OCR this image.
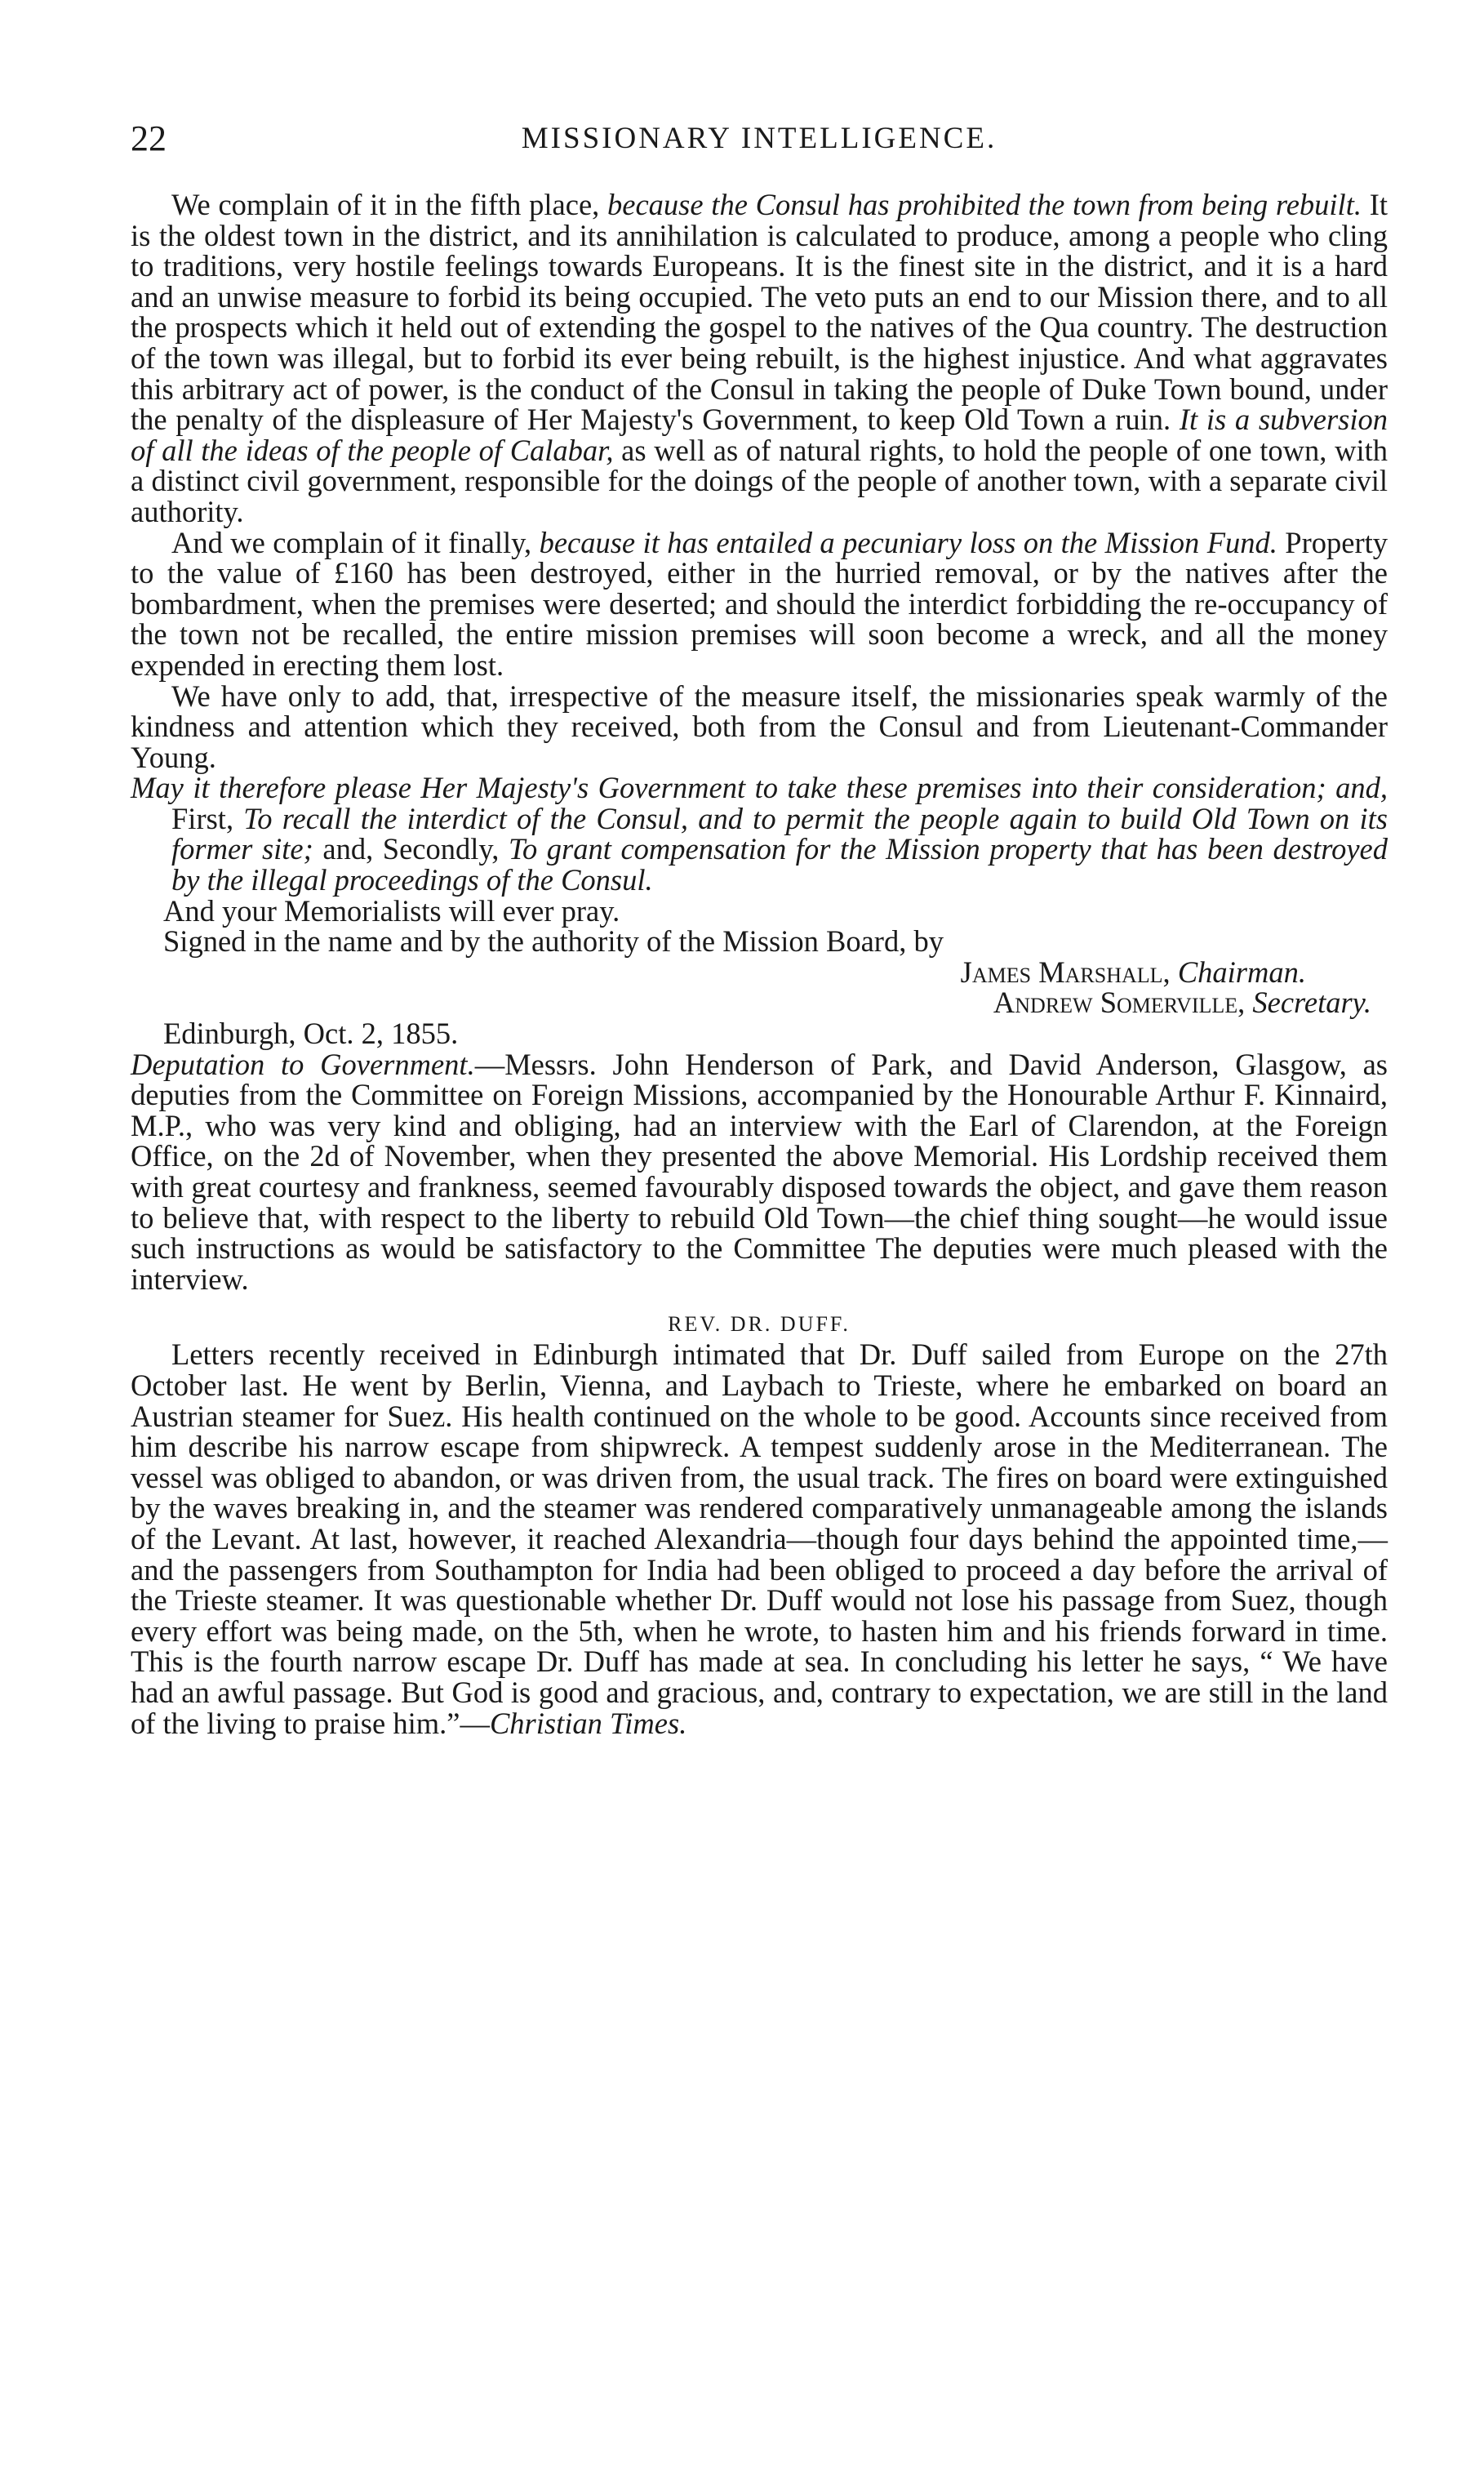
22	MISSIONARY INTELLIGENCE.

We complain of it in the fifth place, because the Consul has prohibited the town from being rebuilt. It is the oldest town in the district, and its annihilation is calculated to produce, among a people who cling to traditions, very hostile feelings towards Europeans. It is the finest site in the district, and it is a hard and an unwise measure to forbid its being occupied. The veto puts an end to our Mission there, and to all the prospects which it held out of extending the gospel to the natives of the Qua country. The destruction of the town was illegal, but to forbid its ever being rebuilt, is the highest injustice. And what aggravates this arbitrary act of power, is the conduct of the Consul in taking the people of Duke Town bound, under the penalty of the displeasure of Her Majesty's Government, to keep Old Town a ruin. It is a subversion of all the ideas of the people of Calabar, as well as of natural rights, to hold the people of one town, with a distinct civil government, responsible for the doings of the people of another town, with a separate civil authority.

And we complain of it finally, because it has entailed a pecuniary loss on the Mission Fund. Property to the value of £160 has been destroyed, either in the hurried removal, or by the natives after the bombardment, when the premises were deserted; and should the interdict forbidding the re-occupancy of the town not be recalled, the entire mission premises will soon become a wreck, and all the money expended in erecting them lost.

We have only to add, that, irrespective of the measure itself, the missionaries speak warmly of the kindness and attention which they received, both from the Consul and from Lieutenant-Commander Young.

May it therefore please Her Majesty's Government to take these premises into their consideration; and, First, To recall the interdict of the Consul, and to permit the people again to build Old Town on its former site; and, Secondly, To grant compensation for the Mission property that has been destroyed by the illegal proceedings of the Consul.

And your Memorialists will ever pray.

Signed in the name and by the authority of the Mission Board, by

James Marshall, Chairman.

Andrew Somerville, Secretary.

Edinburgh, Oct. 2, 1855.

Deputation to Government.—Messrs. John Henderson of Park, and David Anderson, Glasgow, as deputies from the Committee on Foreign Missions, accompanied by the Honourable Arthur F. Kinnaird, M.P., who was very kind and obliging, had an interview with the Earl of Clarendon, at the Foreign Office, on the 2d of November, when they presented the above Memorial. His Lordship received them with great courtesy and frankness, seemed favourably disposed towards the object, and gave them reason to believe that, with respect to the liberty to rebuild Old Town—the chief thing sought—he would issue such instructions as would be satisfactory to the Committee The deputies were much pleased with the interview.

REV. DR. DUFF.

Letters recently received in Edinburgh intimated that Dr. Duff sailed from Europe on the 27th October last. He went by Berlin, Vienna, and Laybach to Trieste, where he embarked on board an Austrian steamer for Suez. His health continued on the whole to be good. Accounts since received from him describe his narrow escape from shipwreck. A tempest suddenly arose in the Mediterranean. The vessel was obliged to abandon, or was driven from, the usual track. The fires on board were extinguished by the waves breaking in, and the steamer was rendered comparatively unmanageable among the islands of the Levant. At last, however, it reached Alexandria—though four days behind the appointed time,—and the passengers from Southampton for India had been obliged to proceed a day before the arrival of the Trieste steamer. It was questionable whether Dr. Duff would not lose his passage from Suez, though every effort was being made, on the 5th, when he wrote, to hasten him and his friends forward in time. This is the fourth narrow escape Dr. Duff has made at sea. In concluding his letter he says, “ We have had an awful passage. But God is good and gracious, and, contrary to expectation, we are still in the land of the living to praise him.”—Christian Times.
